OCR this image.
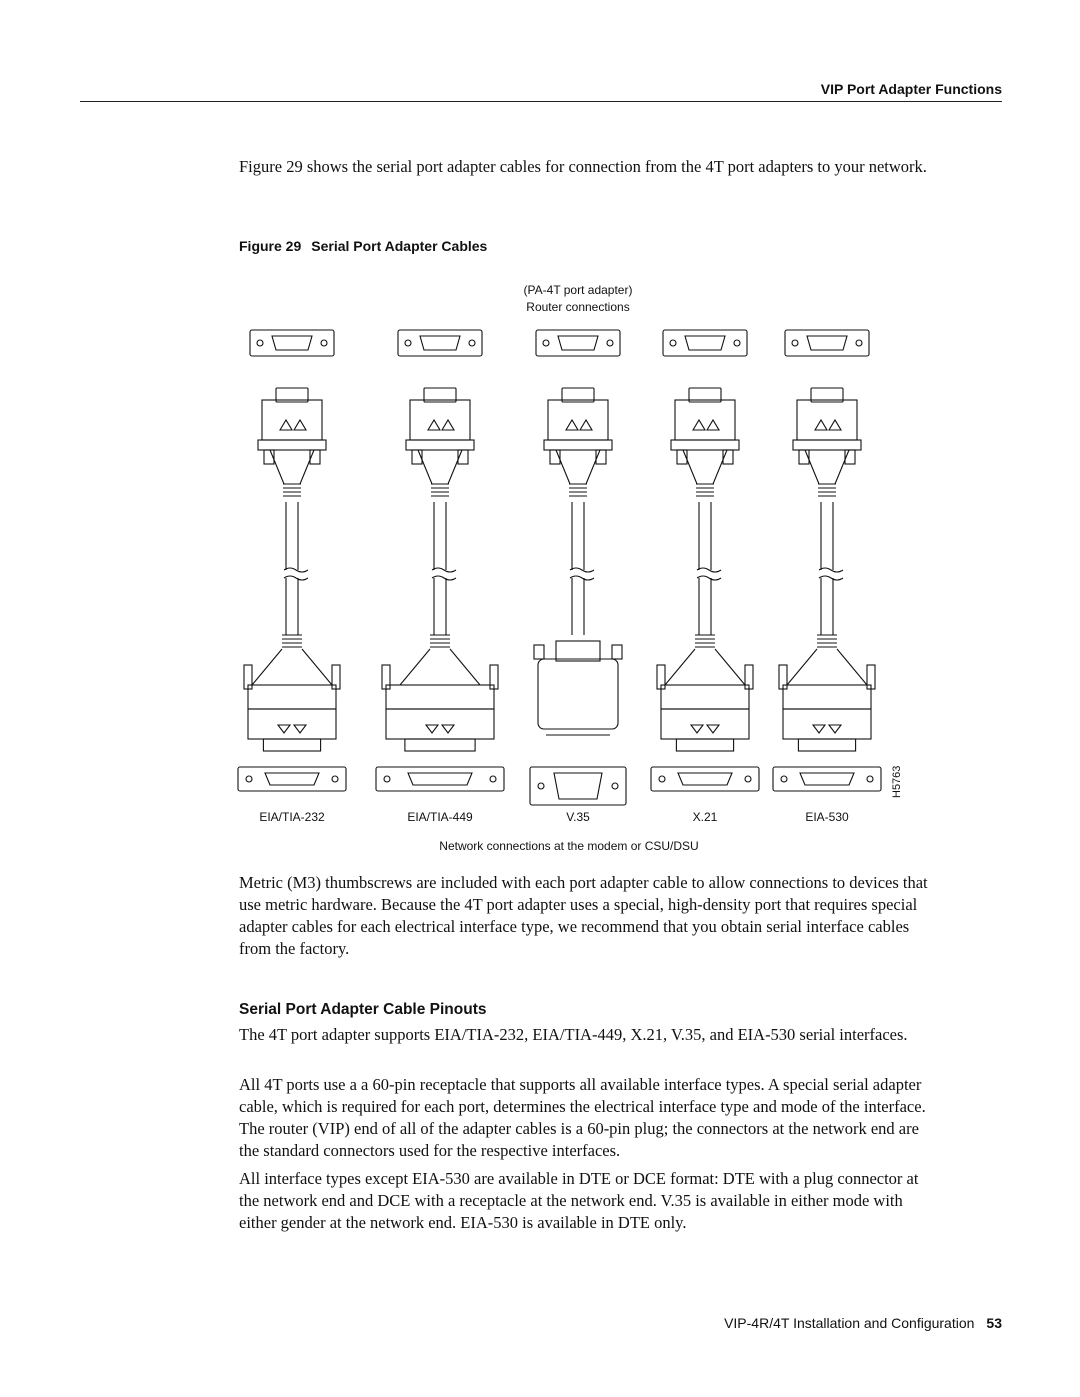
VIP Port Adapter Functions

Figure 29 shows the serial port adapter cables for connection from the 4T port adapters to your network.

Figure 29 Serial Port Adapter Cables
(PA-4T port adapter)
Router connections
H5763
EIA/TIA-232	EIA/TIA-449	V.35	X.21	EIA-530
Network connections at the modem or CSU/DSU

Metric (M3) thumbscrews are included with each port adapter cable to allow connections to devices that use metric hardware. Because the 4T port adapter uses a special, high-density port that requires special adapter cables for each electrical interface type, we recommend that you obtain serial interface cables from the factory.

Serial Port Adapter Cable Pinouts

The 4T port adapter supports EIA/TIA-232, EIA/TIA-449, X.21, V.35, and EIA-530 serial interfaces.

All 4T ports use a a 60-pin receptacle that supports all available interface types. A special serial adapter cable, which is required for each port, determines the electrical interface type and mode of the interface. The router (VIP) end of all of the adapter cables is a 60-pin plug; the connectors at the network end are the standard connectors used for the respective interfaces.

All interface types except EIA-530 are available in DTE or DCE format: DTE with a plug connector at the network end and DCE with a receptacle at the network end. V.35 is available in either mode with either gender at the network end. EIA-530 is available in DTE only.

VIP-4R/4T Installation and Configuration 53
